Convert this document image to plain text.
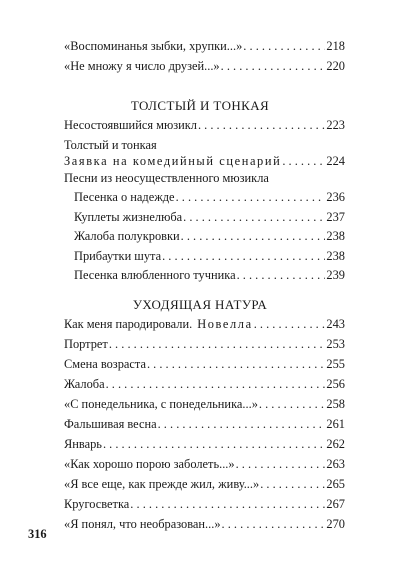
«Воспоминанья зыбки, хрупки...» . . .	218
«Не множу я число друзей...» . . .	220
ТОЛСТЫЙ И ТОНКАЯ
Несостоявшийся мюзикл . . .	223
Толстый и тонкая
Заявка на комедийный сценарий . . .	224
Песни из неосуществленного мюзикла
Песенка о надежде . . .	236
Куплеты жизнелюба . . .	237
Жалоба полукровки . . .	238
Прибаутки шута . . .	238
Песенка влюбленного тучника . . .	239
УХОДЯЩАЯ НАТУРА
Как меня пародировали. Новелла . . .	243
Портрет . . .	253
Смена возраста . . .	255
Жалоба . . .	256
«С понедельника, с понедельника...» . . .	258
Фальшивая весна . . .	261
Январь . . .	262
«Как хорошо порою заболеть...» . . .	263
«Я все еще, как прежде жил, живу...» . . .	265
Кругосветка . . .	267
«Я понял, что необразован...» . . .	270
316
